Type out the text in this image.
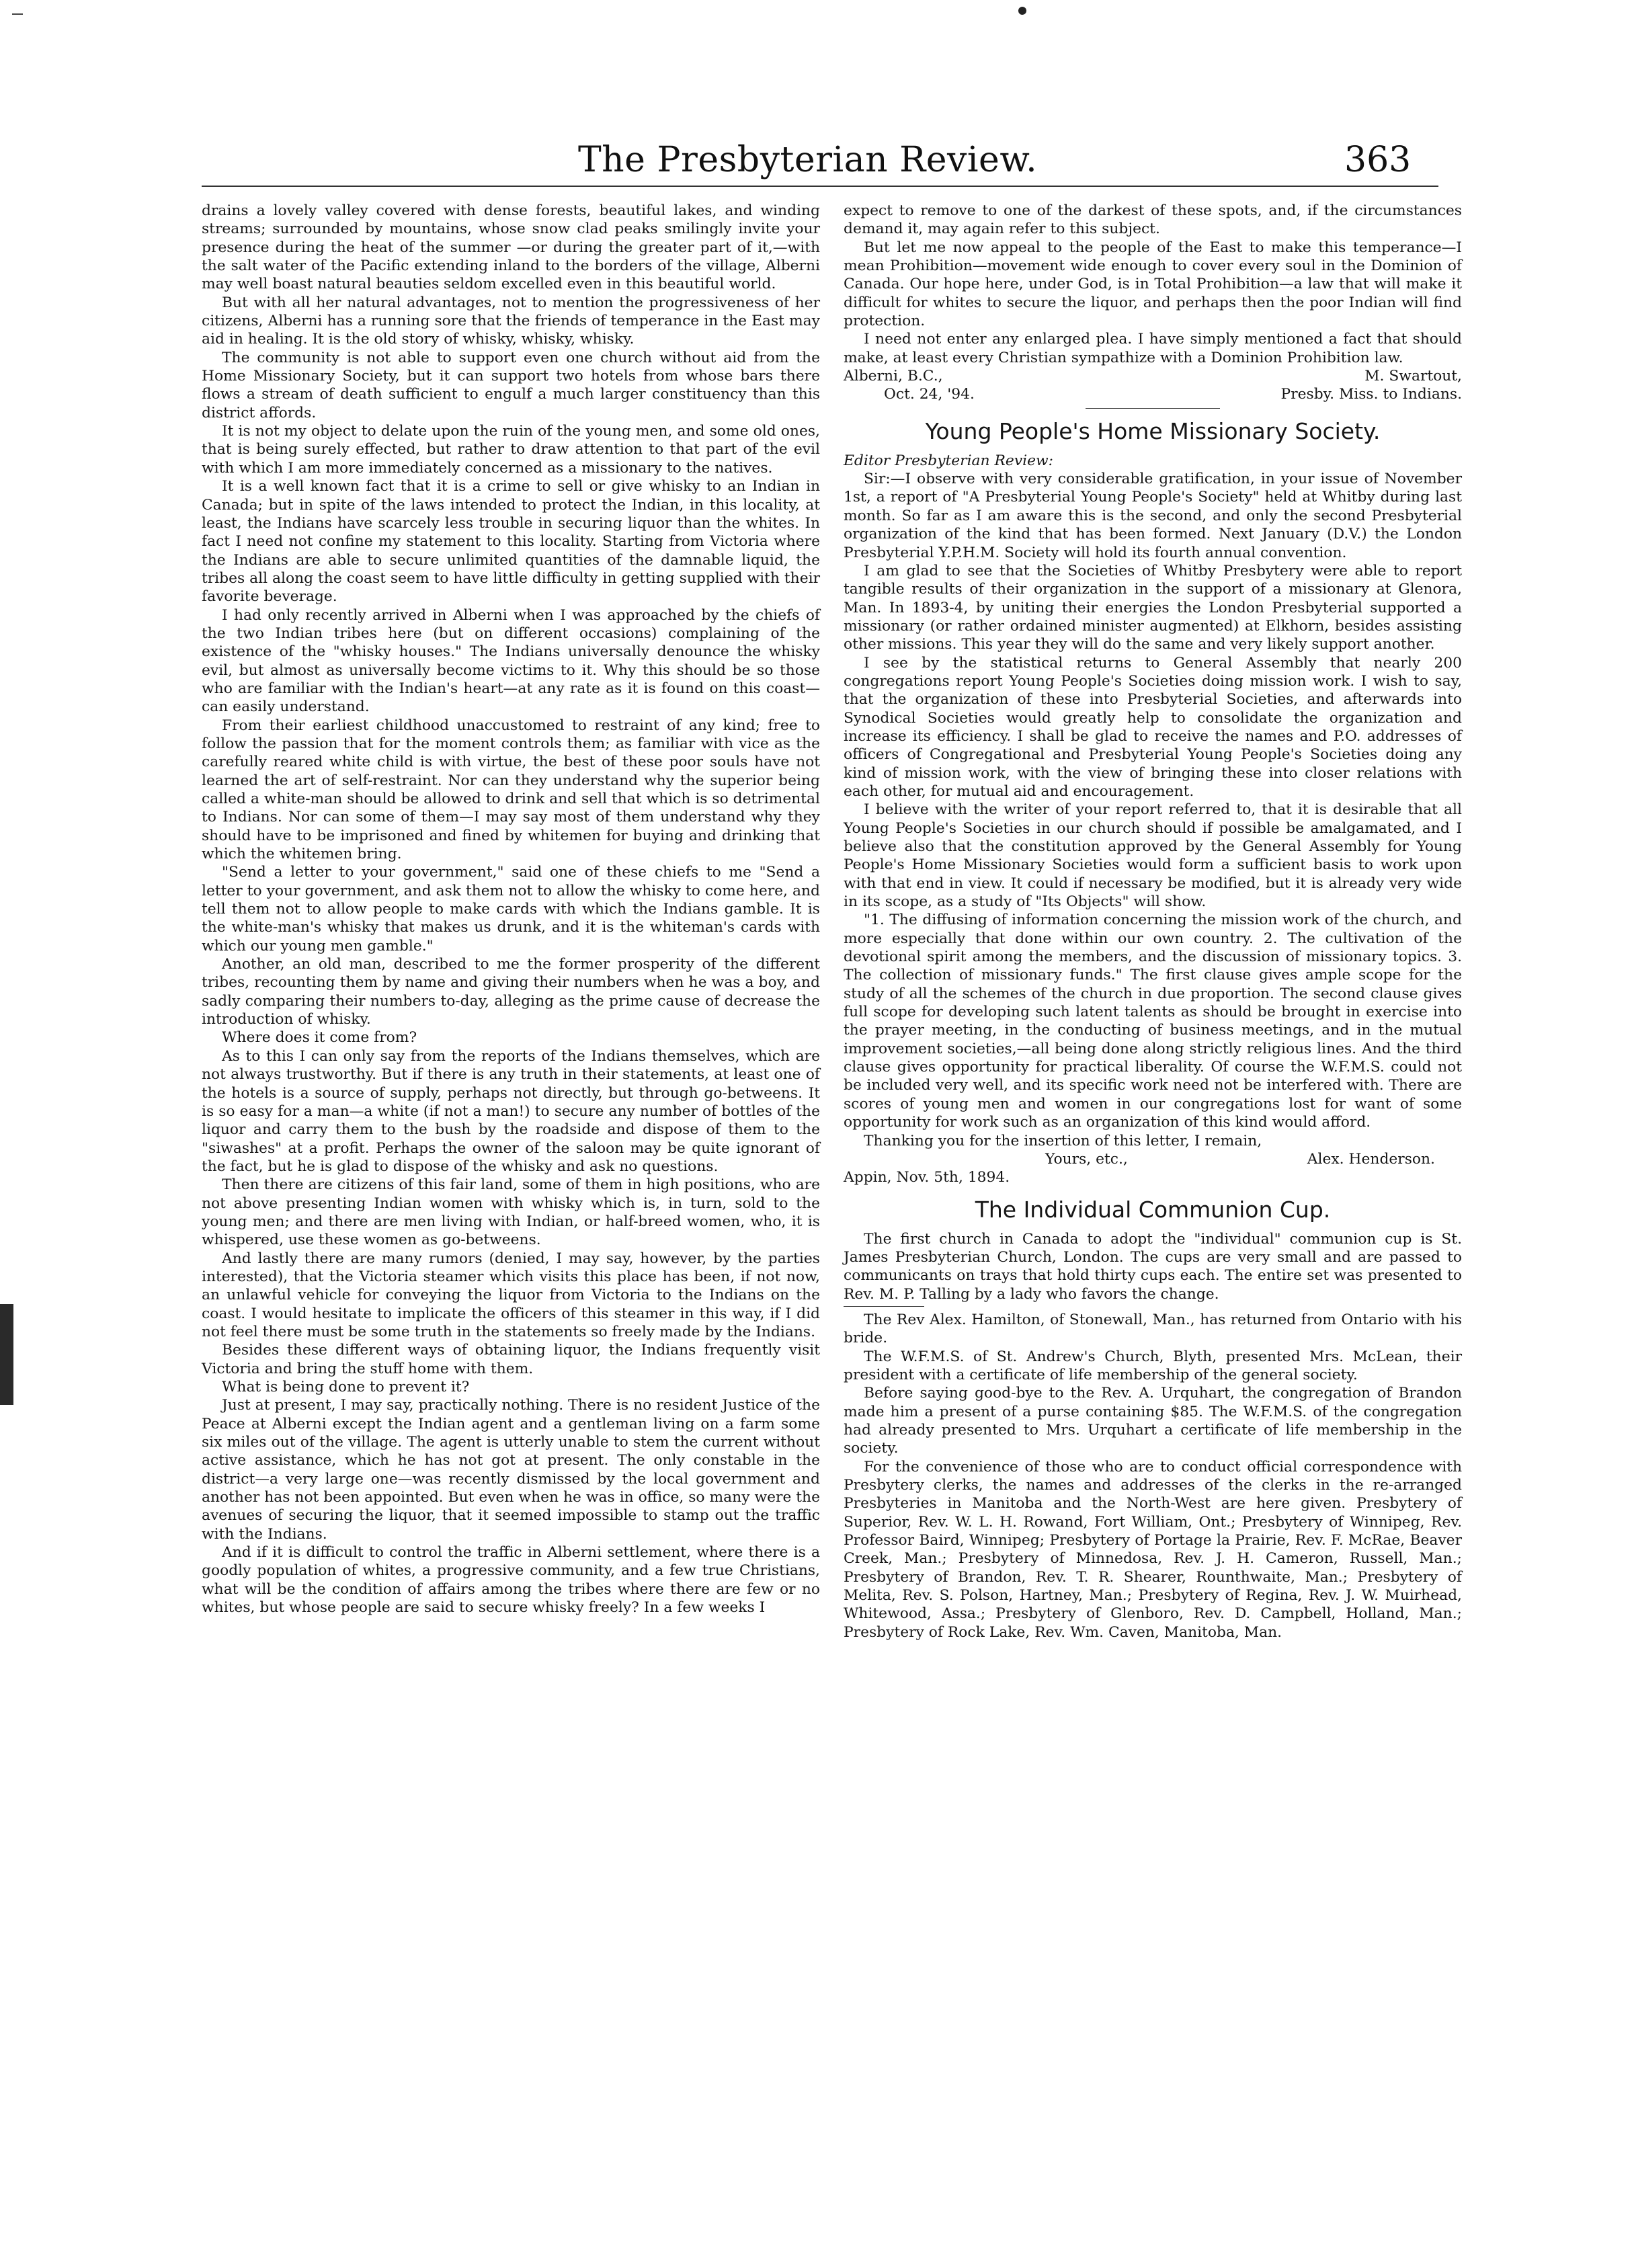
The Presbyterian Review.	363

drains a lovely valley covered with dense forests, beautiful lakes, and winding streams; surrounded by mountains, whose snow clad peaks smilingly invite your presence during the heat of the summer —or during the greater part of it,—with the salt water of the Pacific extending inland to the borders of the village, Alberni may well boast natural beauties seldom excelled even in this beautiful world.

But with all her natural advantages, not to mention the progressiveness of her citizens, Alberni has a running sore that the friends of temperance in the East may aid in healing. It is the old story of whisky, whisky, whisky.

The community is not able to support even one church without aid from the Home Missionary Society, but it can support two hotels from whose bars there flows a stream of death sufficient to engulf a much larger constituency than this district affords.

It is not my object to delate upon the ruin of the young men, and some old ones, that is being surely effected, but rather to draw attention to that part of the evil with which I am more immediately concerned as a missionary to the natives.

It is a well known fact that it is a crime to sell or give whisky to an Indian in Canada; but in spite of the laws intended to protect the Indian, in this locality, at least, the Indians have scarcely less trouble in securing liquor than the whites. In fact I need not confine my statement to this locality. Starting from Victoria where the Indians are able to secure unlimited quantities of the damnable liquid, the tribes all along the coast seem to have little difficulty in getting supplied with their favorite beverage.

I had only recently arrived in Alberni when I was approached by the chiefs of the two Indian tribes here (but on different occasions) complaining of the existence of the "whisky houses." The Indians universally denounce the whisky evil, but almost as universally become victims to it. Why this should be so those who are familiar with the Indian's heart—at any rate as it is found on this coast—can easily understand.

From their earliest childhood unaccustomed to restraint of any kind; free to follow the passion that for the moment controls them; as familiar with vice as the carefully reared white child is with virtue, the best of these poor souls have not learned the art of self-restraint. Nor can they understand why the superior being called a white-man should be allowed to drink and sell that which is so detrimental to Indians. Nor can some of them—I may say most of them understand why they should have to be imprisoned and fined by whitemen for buying and drinking that which the whitemen bring.

"Send a letter to your government," said one of these chiefs to me "Send a letter to your government, and ask them not to allow the whisky to come here, and tell them not to allow people to make cards with which the Indians gamble. It is the white-man's whisky that makes us drunk, and it is the whiteman's cards with which our young men gamble."

Another, an old man, described to me the former prosperity of the different tribes, recounting them by name and giving their numbers when he was a boy, and sadly comparing their numbers to-day, alleging as the prime cause of decrease the introduction of whisky.

Where does it come from?

As to this I can only say from the reports of the Indians themselves, which are not always trustworthy. But if there is any truth in their statements, at least one of the hotels is a source of supply, perhaps not directly, but through go-betweens. It is so easy for a man—a white (if not a man!) to secure any number of bottles of the liquor and carry them to the bush by the roadside and dispose of them to the "siwashes" at a profit. Perhaps the owner of the saloon may be quite ignorant of the fact, but he is glad to dispose of the whisky and ask no questions.

Then there are citizens of this fair land, some of them in high positions, who are not above presenting Indian women with whisky which is, in turn, sold to the young men; and there are men living with Indian, or half-breed women, who, it is whispered, use these women as go-betweens.

And lastly there are many rumors (denied, I may say, however, by the parties interested), that the Victoria steamer which visits this place has been, if not now, an unlawful vehicle for conveying the liquor from Victoria to the Indians on the coast. I would hesitate to implicate the officers of this steamer in this way, if I did not feel there must be some truth in the statements so freely made by the Indians.

Besides these different ways of obtaining liquor, the Indians frequently visit Victoria and bring the stuff home with them.

What is being done to prevent it?

Just at present, I may say, practically nothing. There is no resident Justice of the Peace at Alberni except the Indian agent and a gentleman living on a farm some six miles out of the village. The agent is utterly unable to stem the current without active assistance, which he has not got at present. The only constable in the district—a very large one—was recently dismissed by the local government and another has not been appointed. But even when he was in office, so many were the avenues of securing the liquor, that it seemed impossible to stamp out the traffic with the Indians.

And if it is difficult to control the traffic in Alberni settlement, where there is a goodly population of whites, a progressive community, and a few true Christians, what will be the condition of affairs among the tribes where there are few or no whites, but whose people are said to secure whisky freely? In a few weeks I

expect to remove to one of the darkest of these spots, and, if the circumstances demand it, may again refer to this subject.

But let me now appeal to the people of the East to make this temperance—I mean Prohibition—movement wide enough to cover every soul in the Dominion of Canada. Our hope here, under God, is in Total Prohibition—a law that will make it difficult for whites to secure the liquor, and perhaps then the poor Indian will find protection.

I need not enter any enlarged plea. I have simply mentioned a fact that should make, at least every Christian sympathize with a Dominion Prohibition law.

Alberni, B.C.,	M. Swartout,
Oct. 24, '94.	Presby. Miss. to Indians.
Young People's Home Missionary Society.

Editor Presbyterian Review:

Sir:—I observe with very considerable gratification, in your issue of November 1st, a report of "A Presbyterial Young People's Society" held at Whitby during last month. So far as I am aware this is the second, and only the second Presbyterial organization of the kind that has been formed. Next January (D.V.) the London Presbyterial Y.P.H.M. Society will hold its fourth annual convention.

I am glad to see that the Societies of Whitby Presbytery were able to report tangible results of their organization in the support of a missionary at Glenora, Man. In 1893-4, by uniting their energies the London Presbyterial supported a missionary (or rather ordained minister augmented) at Elkhorn, besides assisting other missions. This year they will do the same and very likely support another.

I see by the statistical returns to General Assembly that nearly 200 congregations report Young People's Societies doing mission work. I wish to say, that the organization of these into Presbyterial Societies, and afterwards into Synodical Societies would greatly help to consolidate the organization and increase its efficiency. I shall be glad to receive the names and P.O. addresses of officers of Congregational and Presbyterial Young People's Societies doing any kind of mission work, with the view of bringing these into closer relations with each other, for mutual aid and encouragement.

I believe with the writer of your report referred to, that it is desirable that all Young People's Societies in our church should if possible be amalgamated, and I believe also that the constitution approved by the General Assembly for Young People's Home Missionary Societies would form a sufficient basis to work upon with that end in view. It could if necessary be modified, but it is already very wide in its scope, as a study of "Its Objects" will show.

"1. The diffusing of information concerning the mission work of the church, and more especially that done within our own country. 2. The cultivation of the devotional spirit among the members, and the discussion of missionary topics. 3. The collection of missionary funds." The first clause gives ample scope for the study of all the schemes of the church in due proportion. The second clause gives full scope for developing such latent talents as should be brought in exercise into the prayer meeting, in the conducting of business meetings, and in the mutual improvement societies,—all being done along strictly religious lines. And the third clause gives opportunity for practical liberality. Of course the W.F.M.S. could not be included very well, and its specific work need not be interfered with. There are scores of young men and women in our congregations lost for want of some opportunity for work such as an organization of this kind would afford.

Thanking you for the insertion of this letter, I remain,

Yours, etc.,	Alex. Henderson.

Appin, Nov. 5th, 1894.

The Individual Communion Cup.

The first church in Canada to adopt the "individual" communion cup is St. James Presbyterian Church, London. The cups are very small and are passed to communicants on trays that hold thirty cups each. The entire set was presented to Rev. M. P. Talling by a lady who favors the change.

The Rev Alex. Hamilton, of Stonewall, Man., has returned from Ontario with his bride.

The W.F.M.S. of St. Andrew's Church, Blyth, presented Mrs. McLean, their president with a certificate of life membership of the general society.

Before saying good-bye to the Rev. A. Urquhart, the congregation of Brandon made him a present of a purse containing $85. The W.F.M.S. of the congregation had already presented to Mrs. Urquhart a certificate of life membership in the society.

For the convenience of those who are to conduct official correspondence with Presbytery clerks, the names and addresses of the clerks in the re-arranged Presbyteries in Manitoba and the North-West are here given. Presbytery of Superior, Rev. W. L. H. Rowand, Fort William, Ont.; Presbytery of Winnipeg, Rev. Professor Baird, Winnipeg; Presbytery of Portage la Prairie, Rev. F. McRae, Beaver Creek, Man.; Presbytery of Minnedosa, Rev. J. H. Cameron, Russell, Man.; Presbytery of Brandon, Rev. T. R. Shearer, Rounthwaite, Man.; Presbytery of Melita, Rev. S. Polson, Hartney, Man.; Presbytery of Regina, Rev. J. W. Muirhead, Whitewood, Assa.; Presbytery of Glenboro, Rev. D. Campbell, Holland, Man.; Presbytery of Rock Lake, Rev. Wm. Caven, Manitoba, Man.
